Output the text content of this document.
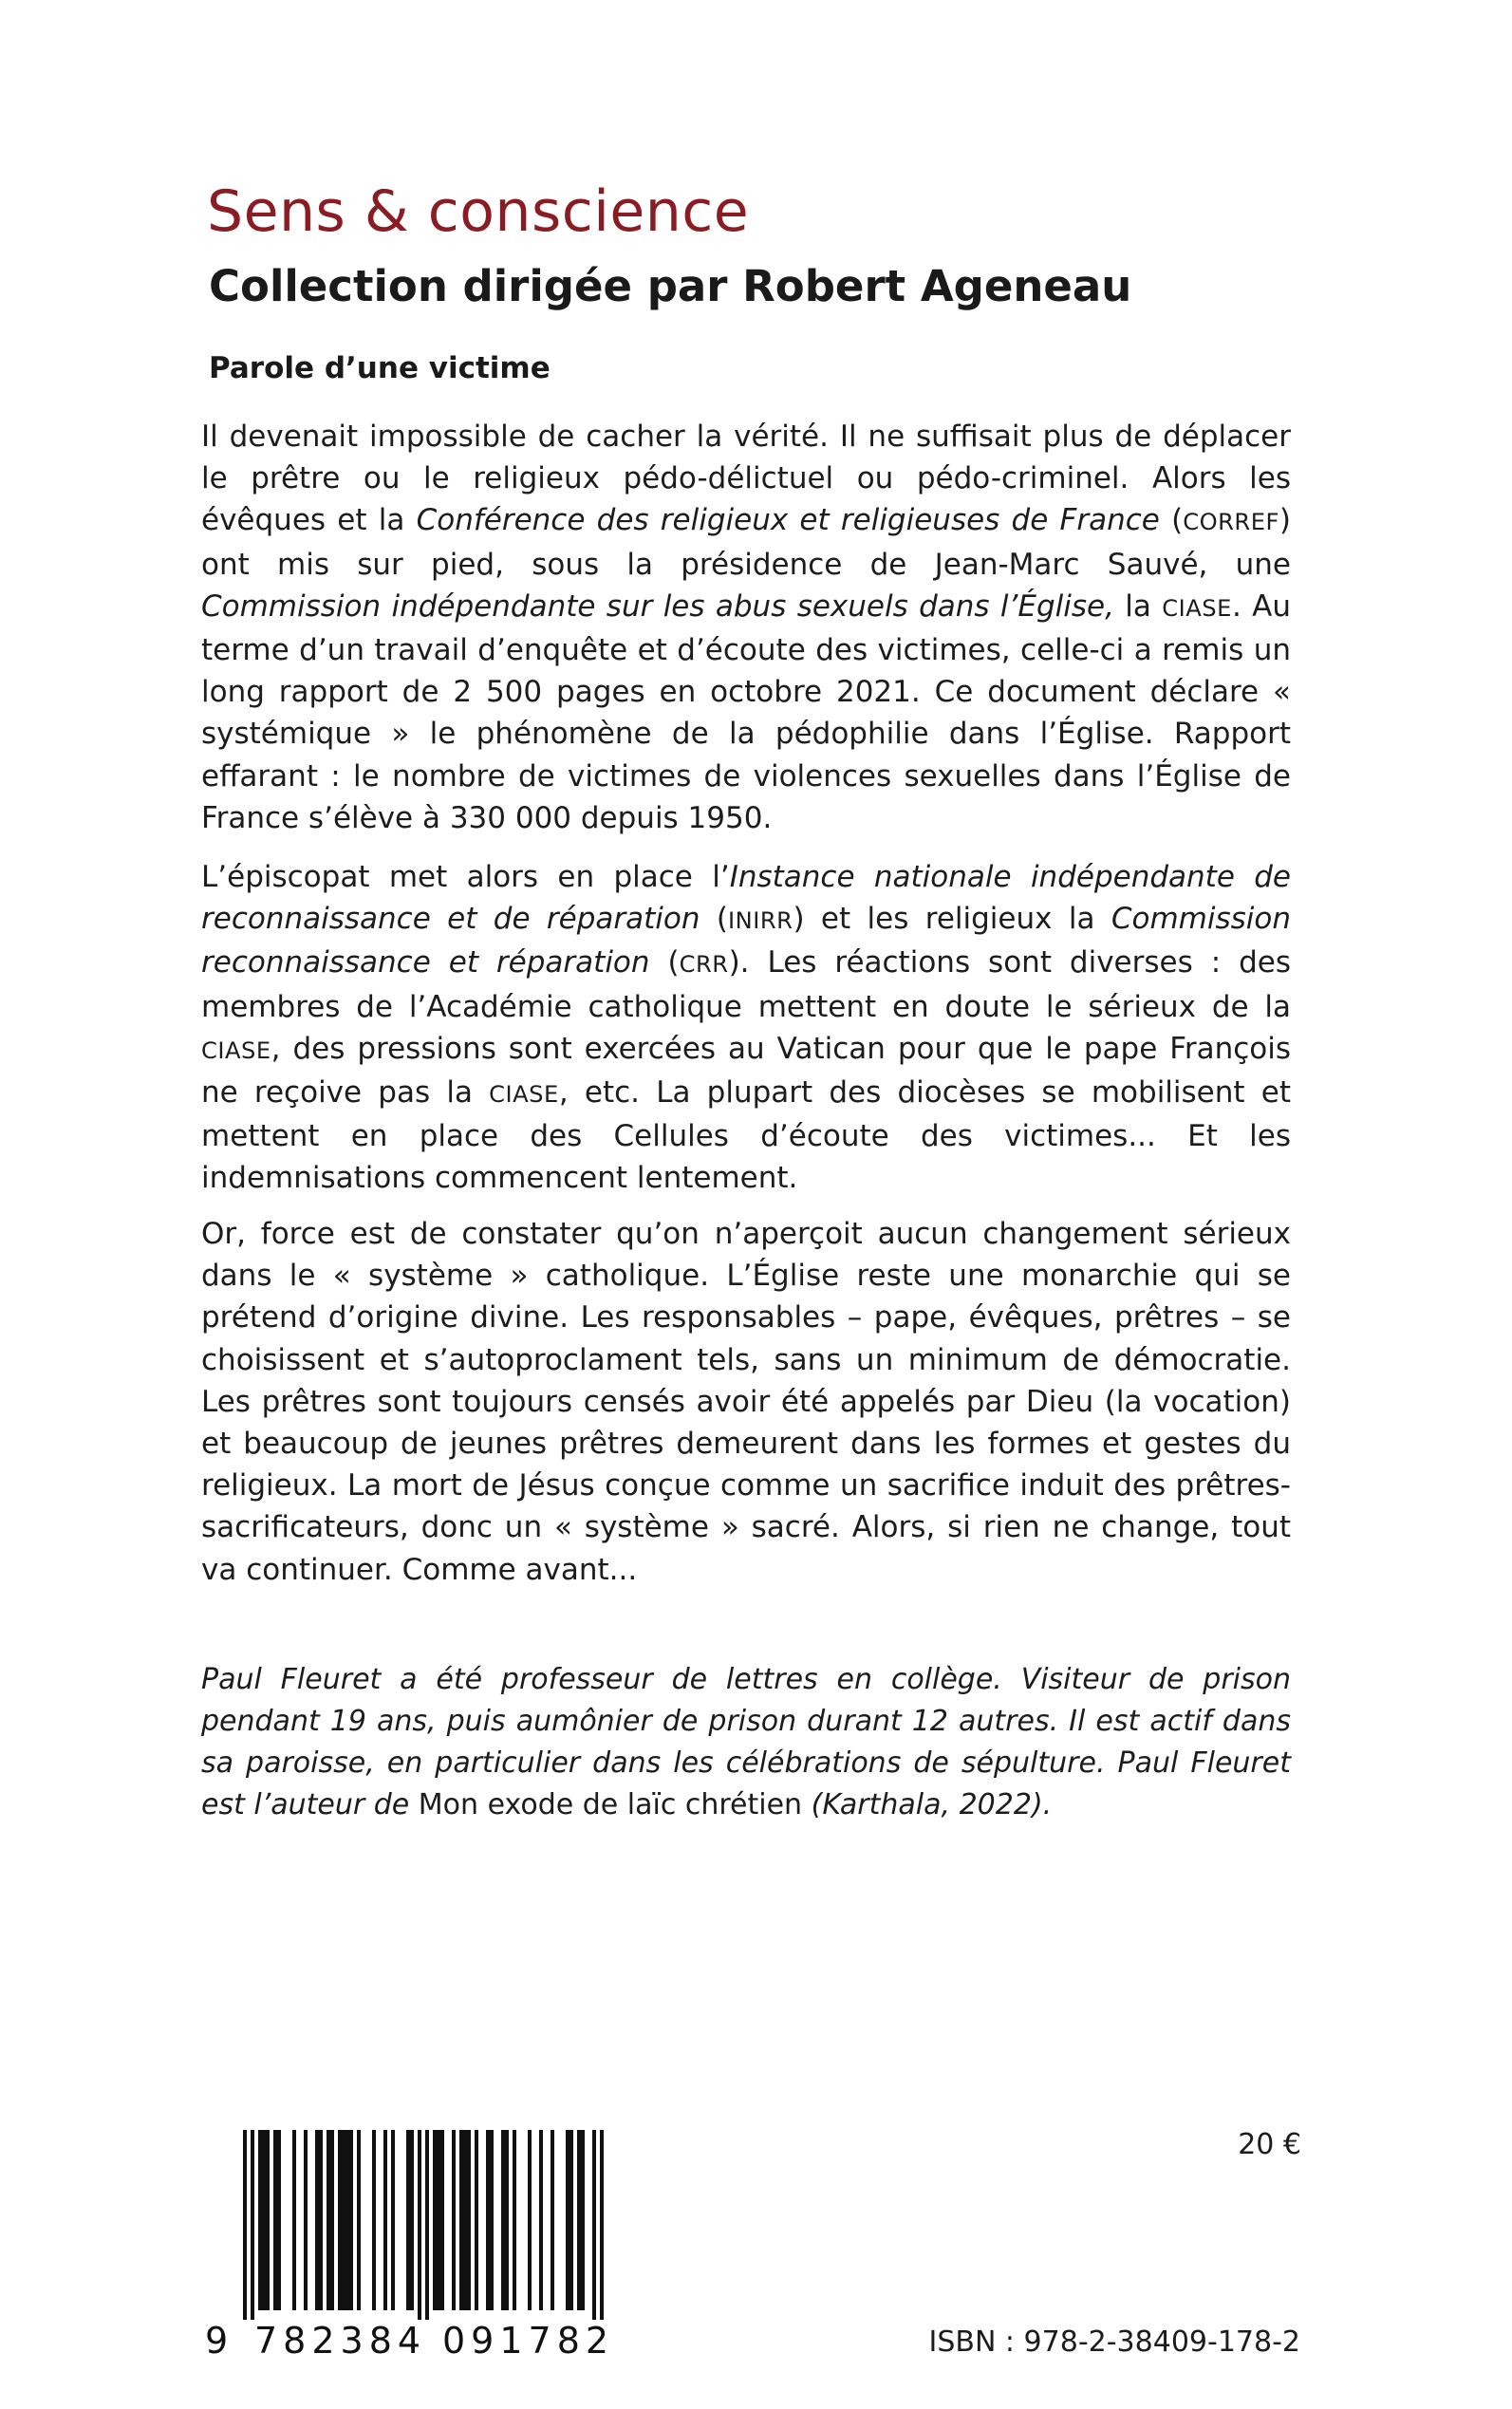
Sens & conscience
Collection dirigée par Robert Ageneau
Parole d’une victime

Il devenait impossible de cacher la vérité. Il ne suffisait plus de déplacer le prêtre ou le religieux pédo-délictuel ou pédo-criminel. Alors les évêques et la Conférence des religieux et religieuses de France (CORREF) ont mis sur pied, sous la présidence de Jean-Marc Sauvé, une Commission indépendante sur les abus sexuels dans l’Église, la CIASE. Au terme d’un travail d’enquête et d’écoute des victimes, celle-ci a remis un long rapport de 2 500 pages en octobre 2021. Ce document déclare « systémique » le phénomène de la pédophilie dans l’Église. Rapport effarant : le nombre de victimes de violences sexuelles dans l’Église de France s’élève à 330 000 depuis 1950.

L’épiscopat met alors en place l’Instance nationale indépendante de reconnaissance et de réparation (INIRR) et les religieux la Commission reconnaissance et réparation (CRR). Les réactions sont diverses : des membres de l’Académie catholique mettent en doute le sérieux de la CIASE, des pressions sont exercées au Vatican pour que le pape François ne reçoive pas la CIASE, etc. La plupart des diocèses se mobilisent et mettent en place des Cellules d’écoute des victimes... Et les indemnisations commencent lentement.

Or, force est de constater qu’on n’aperçoit aucun changement sérieux dans le « système » catholique. L’Église reste une monarchie qui se prétend d’origine divine. Les responsables – pape, évêques, prêtres – se choisissent et s’autoproclament tels, sans un minimum de démocratie. Les prêtres sont toujours censés avoir été appelés par Dieu (la vocation) et beaucoup de jeunes prêtres demeurent dans les formes et gestes du religieux. La mort de Jésus conçue comme un sacrifice induit des prêtres-sacrificateurs, donc un « système » sacré. Alors, si rien ne change, tout va continuer. Comme avant...

Paul Fleuret a été professeur de lettres en collège. Visiteur de prison pendant 19 ans, puis aumônier de prison durant 12 autres. Il est actif dans sa paroisse, en particulier dans les célébrations de sépulture. Paul Fleuret est l’auteur de Mon exode de laïc chrétien (Karthala, 2022).

9 782384 091782

20 €

ISBN : 978-2-38409-178-2
